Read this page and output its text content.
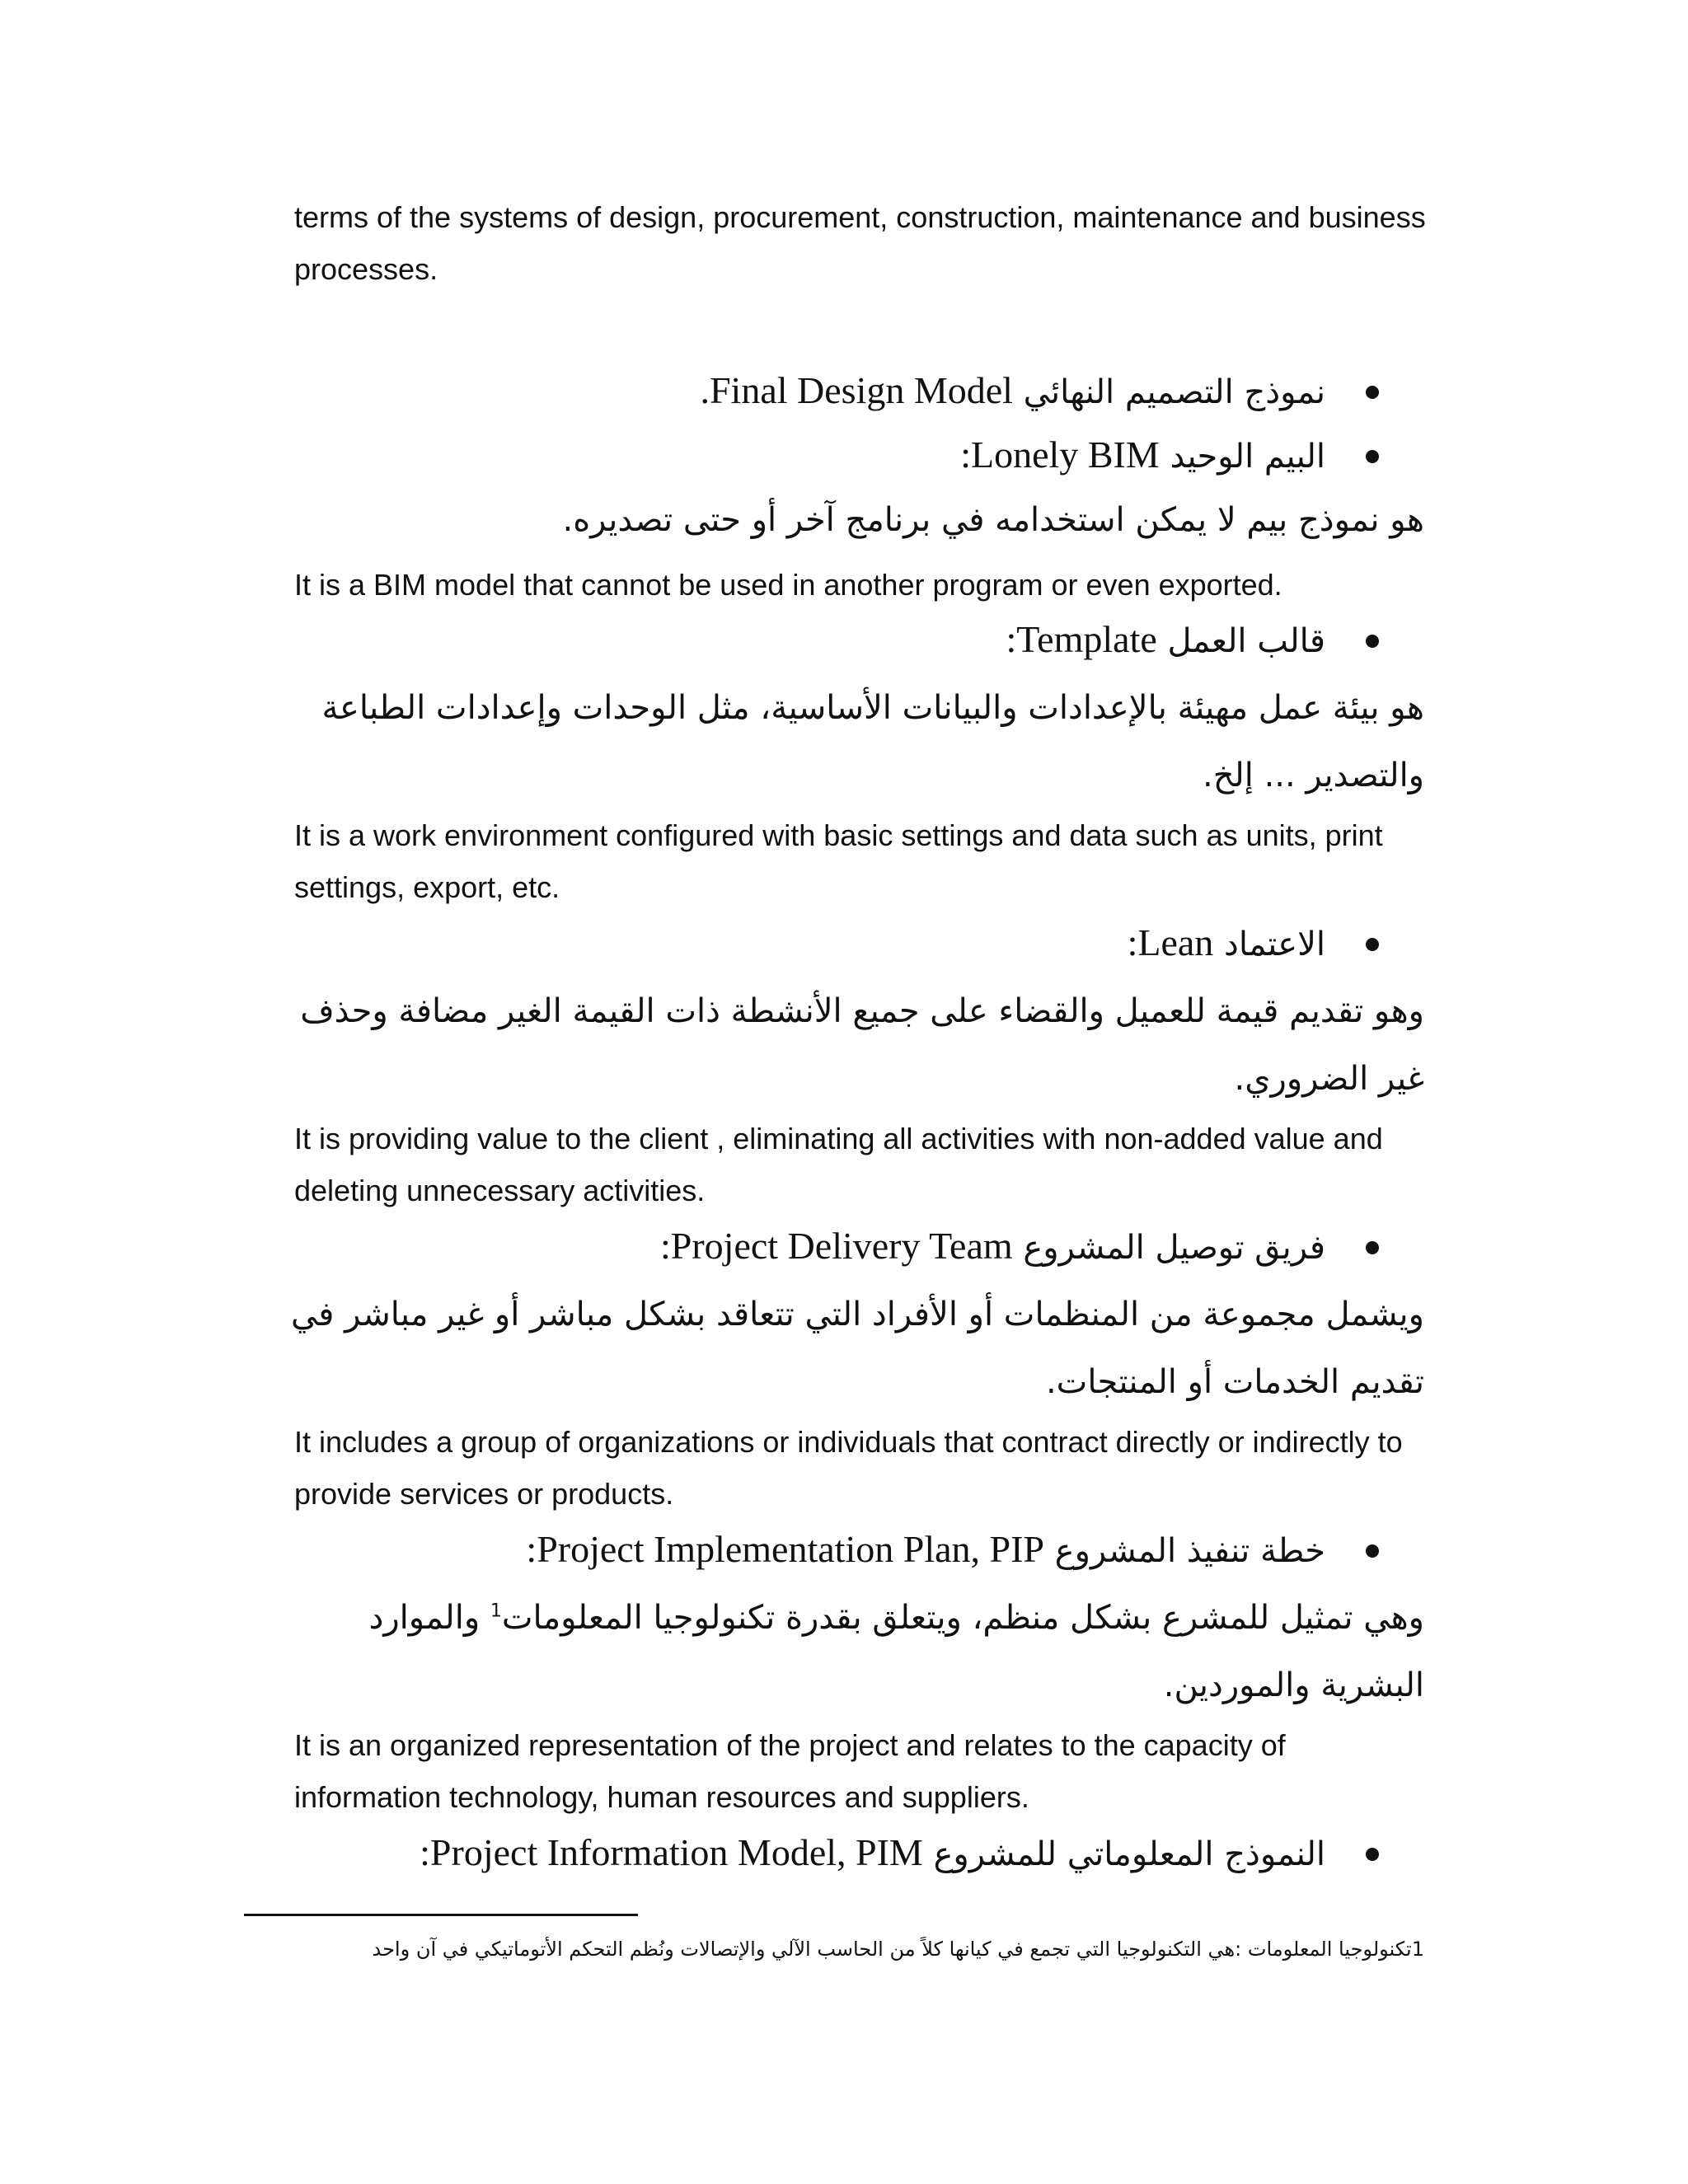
terms of the systems of design, procurement, construction, maintenance and business processes.

نموذج التصميم النهائي Final Design Model.

البيم الوحيد Lonely BIM:

هو نموذج بيم لا يمكن استخدامه في برنامج آخر أو حتى تصديره.

It is a BIM model that cannot be used in another program or even exported.

قالب العمل Template:

هو بيئة عمل مهيئة بالإعدادات والبيانات الأساسية، مثل الوحدات وإعدادات الطباعة والتصدير ... إلخ.

It is a work environment configured with basic settings and data such as units, print settings, export, etc.

الاعتماد Lean:

وهو تقديم قيمة للعميل والقضاء على جميع الأنشطة ذات القيمة الغير مضافة وحذف غير الضروري.

It is providing value to the client , eliminating all activities with non-added value and deleting unnecessary activities.

فريق توصيل المشروع Project Delivery Team:

ويشمل مجموعة من المنظمات أو الأفراد التي تتعاقد بشكل مباشر أو غير مباشر في تقديم الخدمات أو المنتجات.

It includes a group of organizations or individuals that contract directly or indirectly to provide services or products.

خطة تنفيذ المشروع Project Implementation Plan, PIP:

وهي تمثيل للمشرع بشكل منظم، ويتعلق بقدرة تكنولوجيا المعلومات$^1$ والموارد البشرية والموردين.

It is an organized representation of the project and relates to the capacity of information technology, human resources and suppliers.

النموذج المعلوماتي للمشروع Project Information Model, PIM:

1تكنولوجيا المعلومات :هي التكنولوجيا التي تجمع في كيانها كلاً من الحاسب الآلي والإتصالات ونُظم التحكم الأتوماتيكي في آن واحد
